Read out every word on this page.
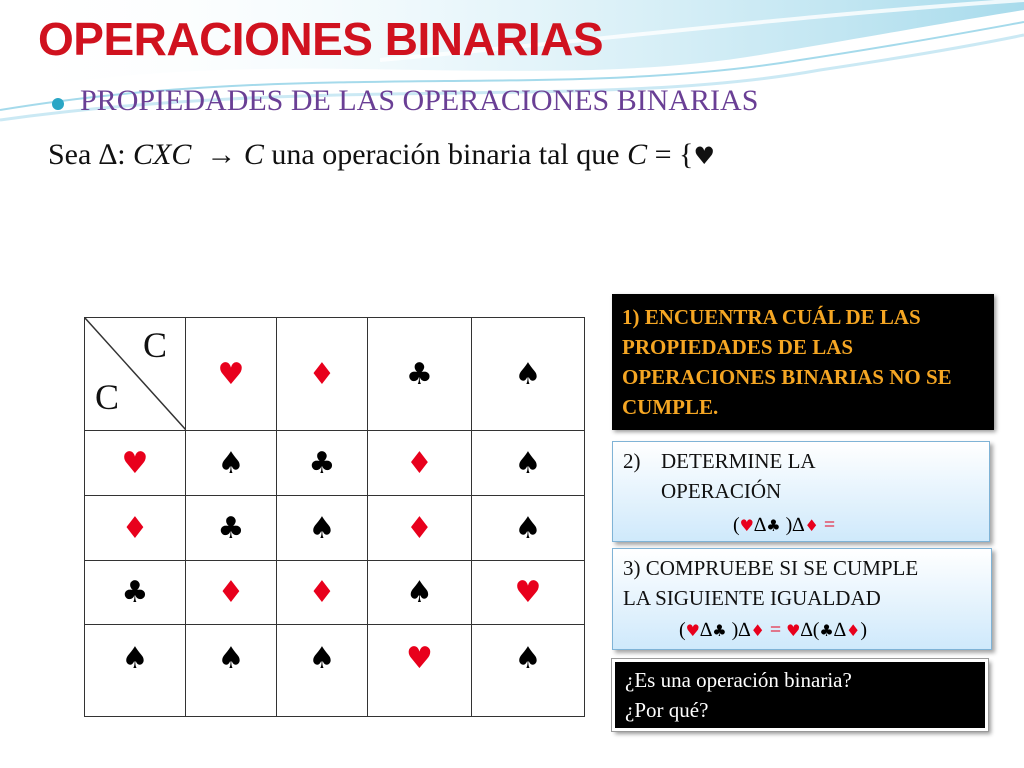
OPERACIONES BINARIAS
PROPIEDADES DE LAS OPERACIONES BINARIAS
Sea ∆: CXC  → C una operación binaria tal que C = {♥
C
C	♥	♦	♣	♠
♥	♠	♣	♦	♠
♦	♣	♠	♦	♠
♣	♦	♦	♠	♥
♠	♠	♠	♥	♠
1) ENCUENTRA CUÁL DE LAS PROPIEDADES DE LAS OPERACIONES BINARIAS NO SE CUMPLE.
2) DETERMINE LA
OPERACIÓN
(♥∆♣ )∆♦ =
3) COMPRUEBE SI SE CUMPLE
LA SIGUIENTE IGUALDAD
(♥∆♣ )∆♦ = ♥∆(♣∆♦)
¿Es una operación binaria?
¿Por qué?
